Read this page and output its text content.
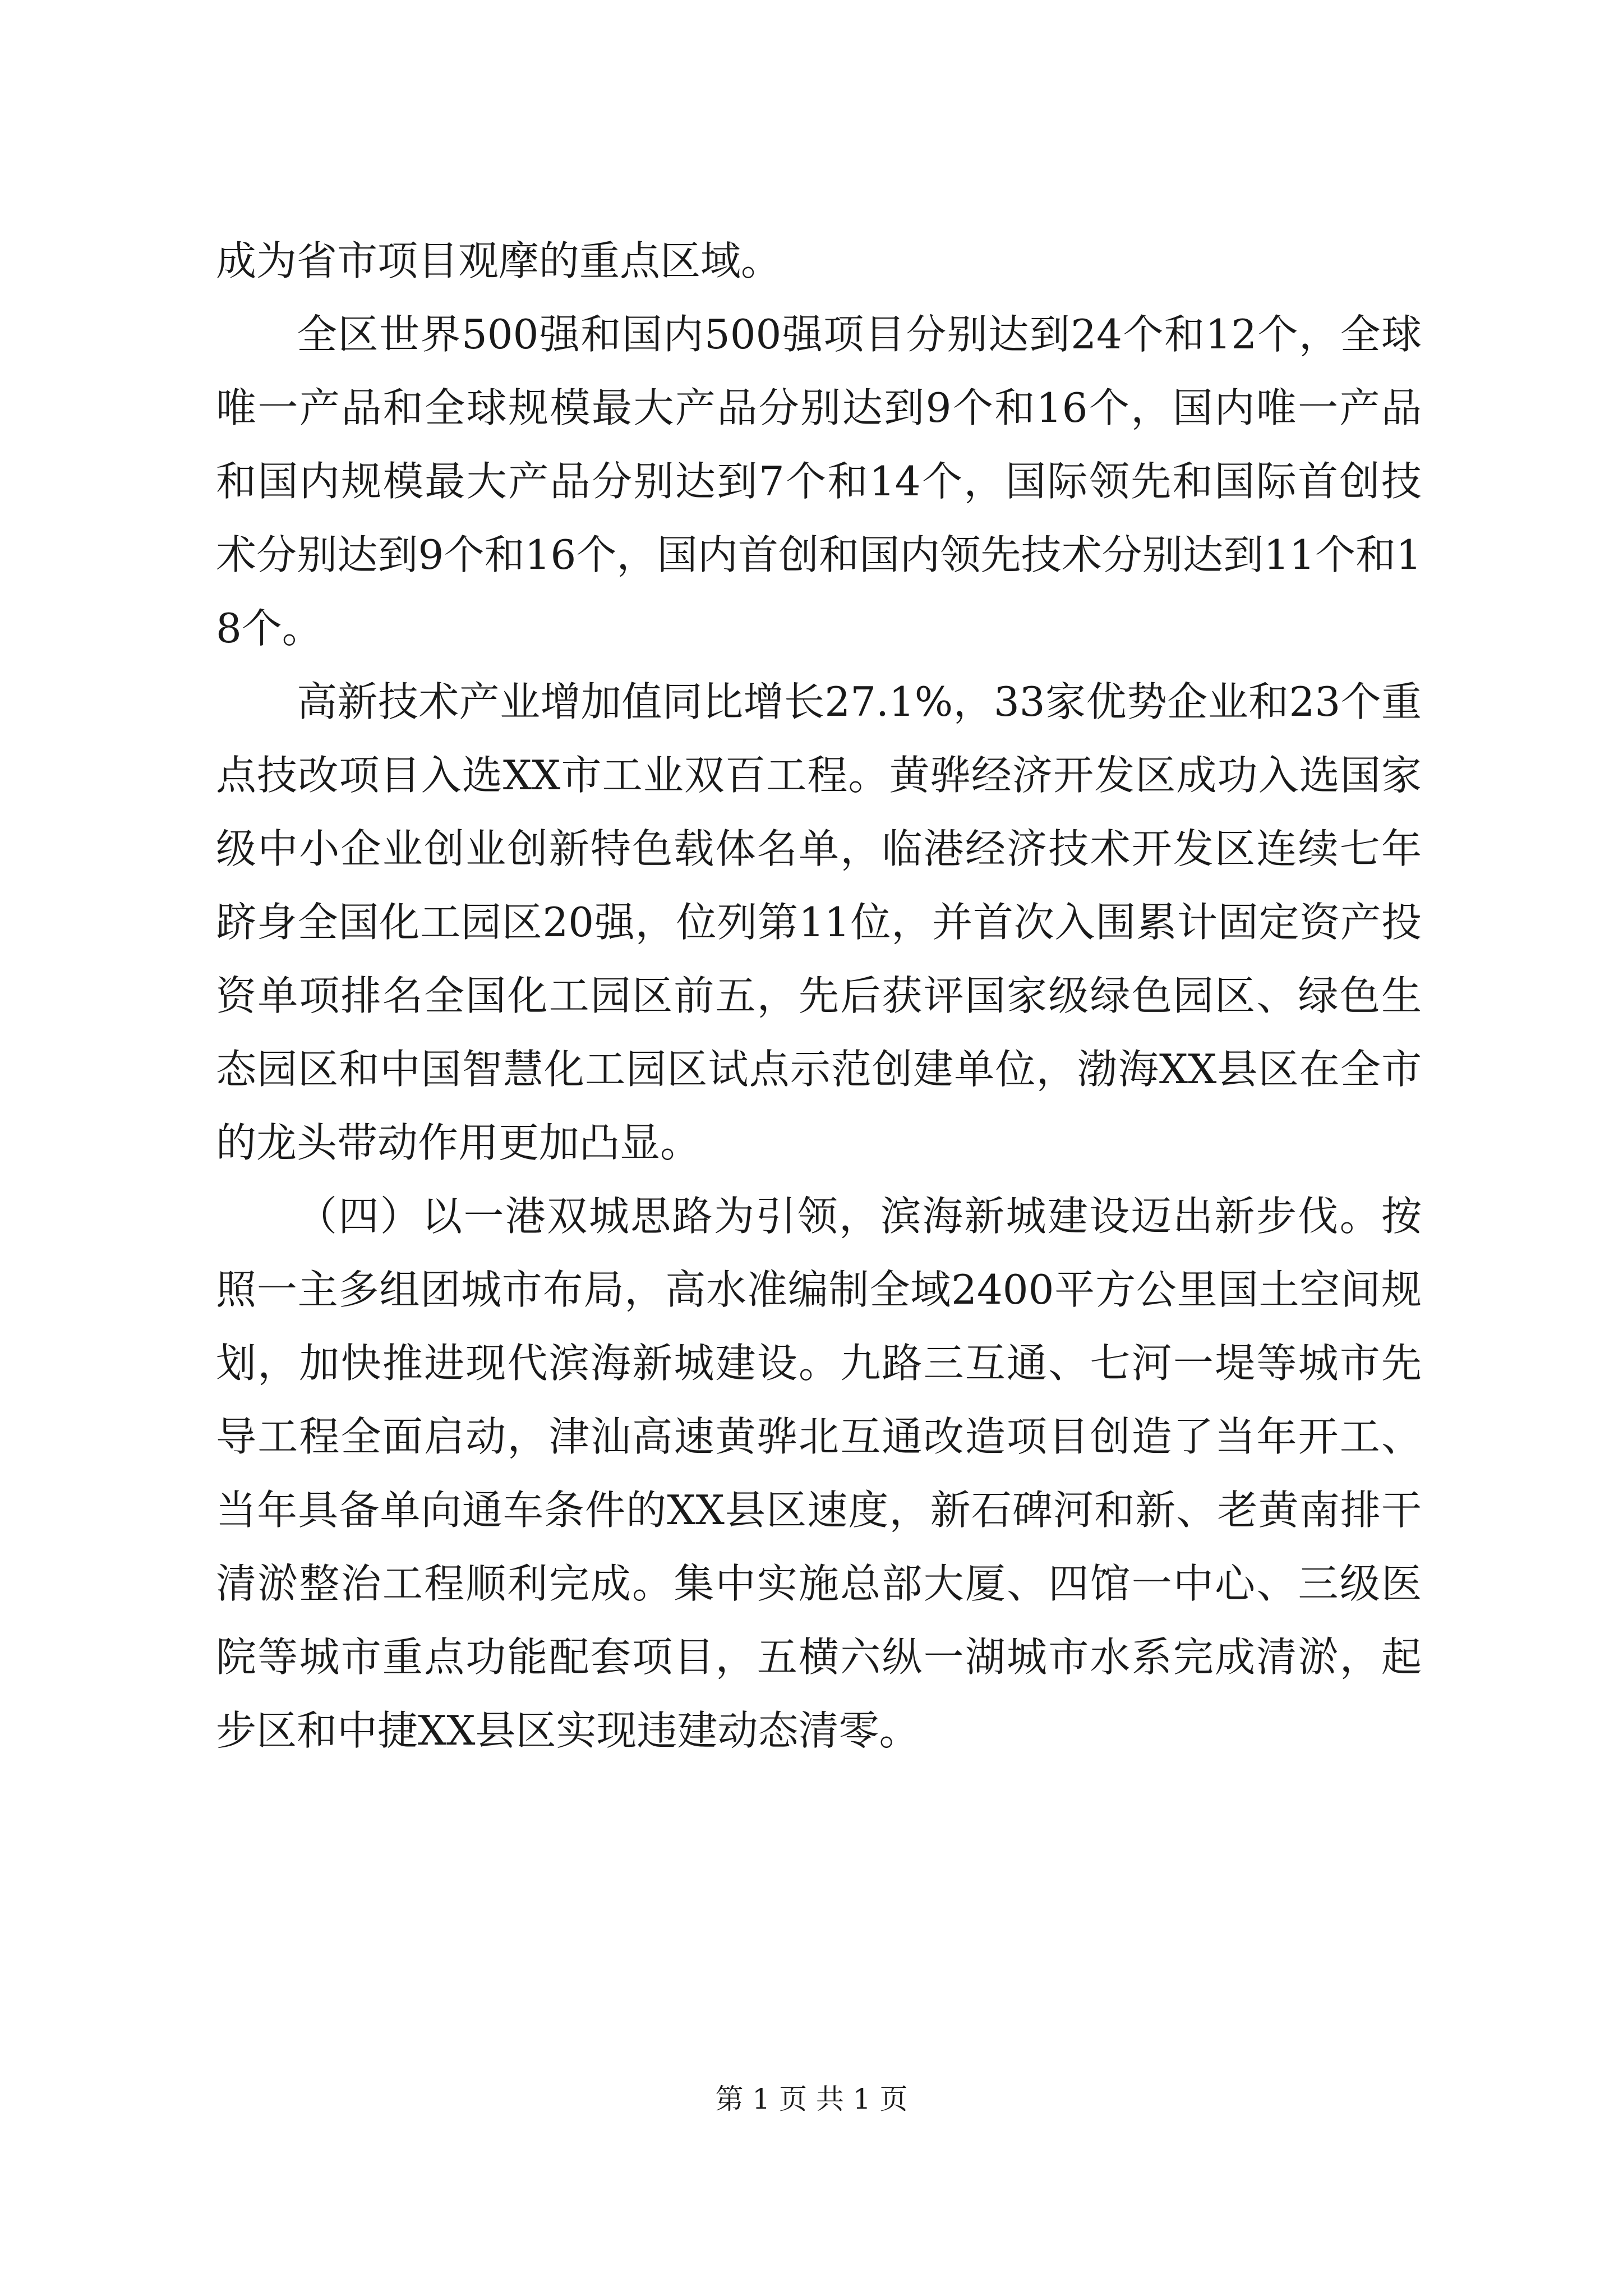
成为省市项目观摩的重点区域。

全区世界500强和国内500强项目分别达到24个和12个，全球唯一产品和全球规模最大产品分别达到9个和16个，国内唯一产品和国内规模最大产品分别达到7个和14个，国际领先和国际首创技术分别达到9个和16个，国内首创和国内领先技术分别达到11个和18个。

高新技术产业增加值同比增长27.1%，33家优势企业和23个重点技改项目入选XX市工业双百工程。黄骅经济开发区成功入选国家级中小企业创业创新特色载体名单，临港经济技术开发区连续七年跻身全国化工园区20强，位列第11位，并首次入围累计固定资产投资单项排名全国化工园区前五，先后获评国家级绿色园区、绿色生态园区和中国智慧化工园区试点示范创建单位，渤海XX县区在全市的龙头带动作用更加凸显。

（四）以一港双城思路为引领，滨海新城建设迈出新步伐。按照一主多组团城市布局，高水准编制全域2400平方公里国土空间规划，加快推进现代滨海新城建设。九路三互通、七河一堤等城市先导工程全面启动，津汕高速黄骅北互通改造项目创造了当年开工、当年具备单向通车条件的XX县区速度，新石碑河和新、老黄南排干清淤整治工程顺利完成。集中实施总部大厦、四馆一中心、三级医院等城市重点功能配套项目，五横六纵一湖城市水系完成清淤，起步区和中捷XX县区实现违建动态清零。

第 1 页 共 1 页
